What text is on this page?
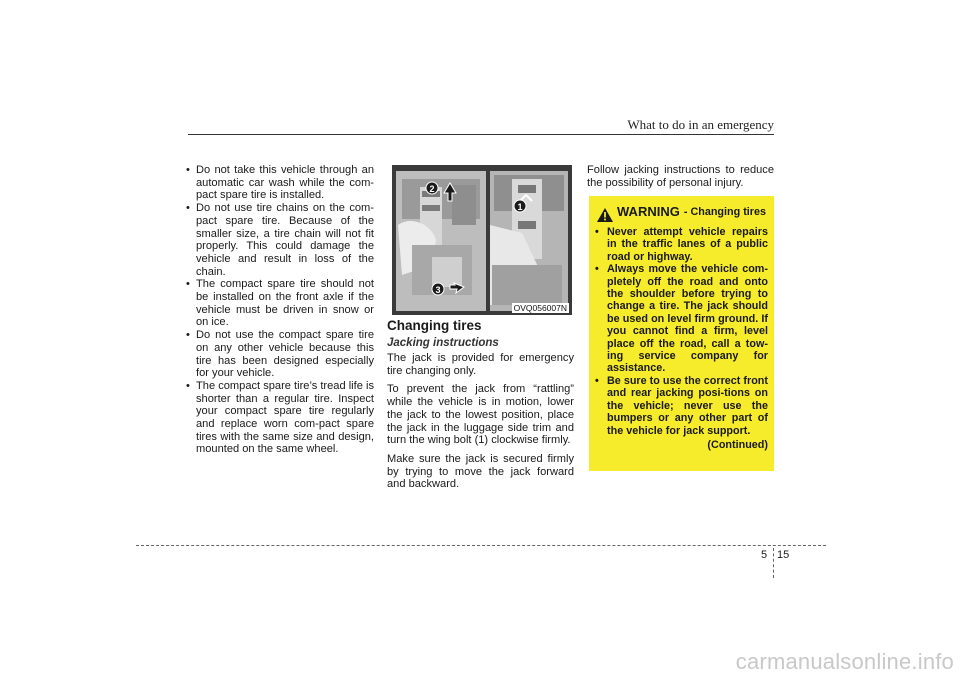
What to do in an emergency
• Do not take this vehicle through an automatic car wash while the com-pact spare tire is installed.
• Do not use tire chains on the com-pact spare tire. Because of the smaller size, a tire chain will not fit properly. This could damage the vehicle and result in loss of the chain.
• The compact spare tire should not be installed on the front axle if the vehicle must be driven in snow or on ice.
• Do not use the compact spare tire on any other vehicle because this tire has been designed especially for your vehicle.
• The compact spare tire’s tread life is shorter than a regular tire. Inspect your compact spare tire regularly and replace worn com-pact spare tires with the same size and design, mounted on the same wheel.
2
1
3
OVQ056007N
Changing tires
Jacking instructions

The jack is provided for emergency tire changing only.

To prevent the jack from “rattling” while the vehicle is in motion, lower the jack to the lowest position, place the jack in the luggage side trim and turn the wing bolt (1) clockwise firmly.

Make sure the jack is secured firmly by trying to move the jack forward and backward.

Follow jacking instructions to reduce the possibility of personal injury.

WARNING - Changing tires
• Never attempt vehicle repairs in the traffic lanes of a public road or highway.
• Always move the vehicle com-pletely off the road and onto the shoulder before trying to change a tire. The jack should be used on level firm ground. If you cannot find a firm, level place off the road, call a tow-ing service company for assistance.
• Be sure to use the correct front and rear jacking posi-tions on the vehicle; never use the bumpers or any other part of the vehicle for jack support.
(Continued)
5 15
carmanualsonline.info
